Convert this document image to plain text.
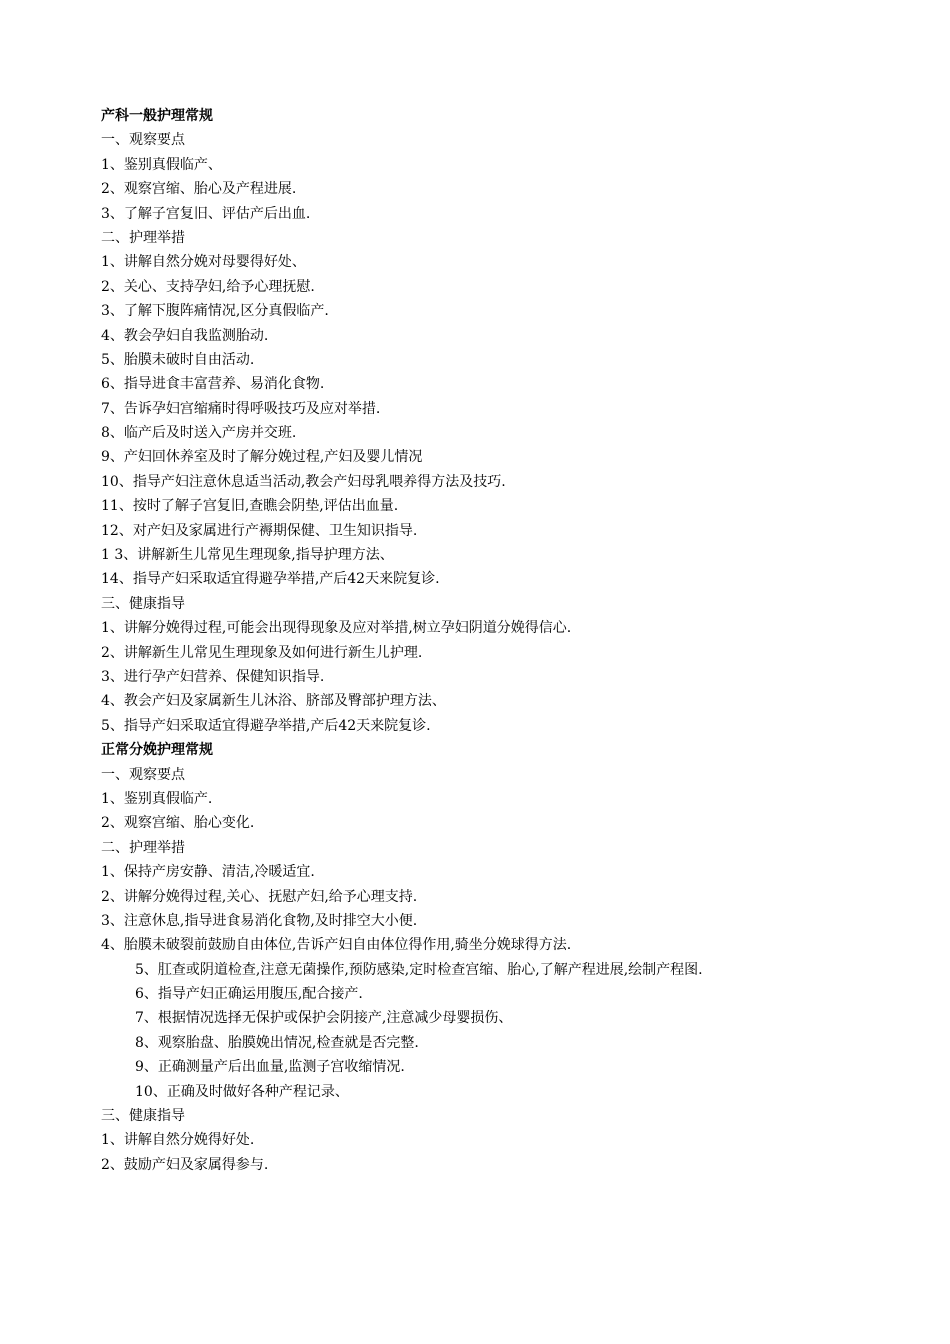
产科一般护理常规
一、观察要点
1、鉴别真假临产、
2、观察宫缩、胎心及产程进展.
3、了解子宫复旧、评估产后出血.
二、护理举措
1、讲解自然分娩对母婴得好处、
2、关心、支持孕妇,给予心理抚慰.
3、了解下腹阵痛情况,区分真假临产.
4、教会孕妇自我监测胎动.
5、胎膜未破时自由活动.
6、指导进食丰富营养、易消化食物.
7、告诉孕妇宫缩痛时得呼吸技巧及应对举措.
8、临产后及时送入产房并交班.
9、产妇回休养室及时了解分娩过程,产妇及婴儿情况
10、指导产妇注意休息适当活动,教会产妇母乳喂养得方法及技巧.
11、按时了解子宫复旧,查瞧会阴垫,评估出血量.
12、对产妇及家属进行产褥期保健、卫生知识指导.
1 3、讲解新生儿常见生理现象,指导护理方法、
14、指导产妇采取适宜得避孕举措,产后42天来院复诊.
三、健康指导
1、讲解分娩得过程,可能会出现得现象及应对举措,树立孕妇阴道分娩得信心.
2、讲解新生儿常见生理现象及如何进行新生儿护理.
3、进行孕产妇营养、保健知识指导.
4、教会产妇及家属新生儿沐浴、脐部及臀部护理方法、
5、指导产妇采取适宜得避孕举措,产后42天来院复诊.
正常分娩护理常规
一、观察要点
1、鉴别真假临产.
2、观察宫缩、胎心变化.
二、护理举措
1、保持产房安静、清洁,冷暖适宜.
2、讲解分娩得过程,关心、抚慰产妇,给予心理支持.
3、注意休息,指导进食易消化食物,及时排空大小便.
4、胎膜未破裂前鼓励自由体位,告诉产妇自由体位得作用,骑坐分娩球得方法.
5、肛查或阴道检查,注意无菌操作,预防感染,定时检查宫缩、胎心,了解产程进展,绘制产程图.
6、指导产妇正确运用腹压,配合接产.
7、根据情况选择无保护或保护会阴接产,注意减少母婴损伤、
8、观察胎盘、胎膜娩出情况,检查就是否完整.
9、正确测量产后出血量,监测子宫收缩情况.
10、正确及时做好各种产程记录、
三、健康指导
1、讲解自然分娩得好处.
2、鼓励产妇及家属得参与.
